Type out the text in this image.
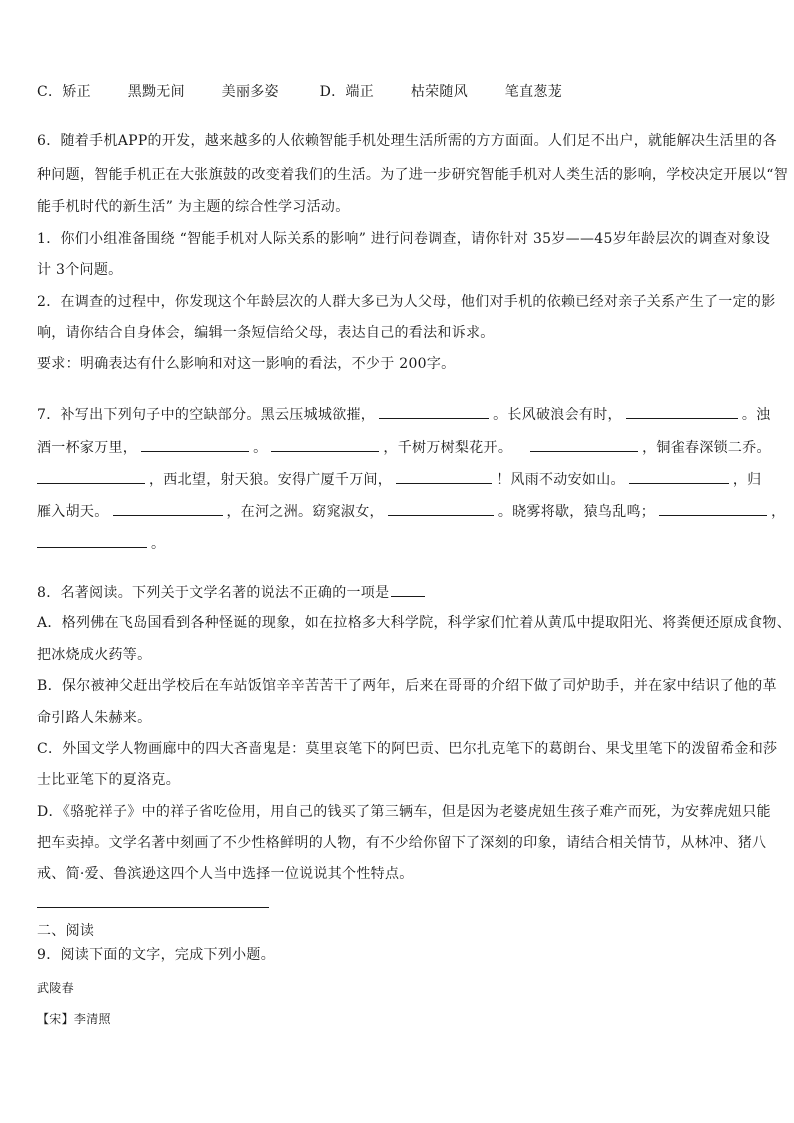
C．矫正	黑黝无间	美丽多姿	D．端正	枯荣随风	笔直葱茏
6．随着手机APP的开发，越来越多的人依赖智能手机处理生活所需的方方面面。人们足不出户，就能解决生活里的各
种问题，智能手机正在大张旗鼓的改变着我们的生活。为了进一步研究智能手机对人类生活的影响，学校决定开展以“智
能手机时代的新生活” 为主题的综合性学习活动。
1．你们小组准备围绕 “智能手机对人际关系的影响” 进行问卷调查，请你针对 35岁——45岁年龄层次的调查对象设
计 3个问题。
2．在调查的过程中，你发现这个年龄层次的人群大多已为人父母，他们对手机的依赖已经对亲子关系产生了一定的影
响，请你结合自身体会，编辑一条短信给父母，表达自己的看法和诉求。
要求：明确表达有什么影响和对这一影响的看法，不少于 200字。
7．补写出下列句子中的空缺部分。黑云压城城欲摧，	。长风破浪会有时，	。浊
酒一杯家万里，	。	，千树万树梨花开。	，铜雀春深锁二乔。
，西北望，射天狼。安得广厦千万间，	！风雨不动安如山。	，归
雁入胡天。	，在河之洲。窈窕淑女，	。晓雾将歇，猿鸟乱鸣；	，
。
8．名著阅读。下列关于文学名著的说法不正确的一项是
A．格列佛在飞岛国看到各种怪诞的现象，如在拉格多大科学院，科学家们忙着从黄瓜中提取阳光、将粪便还原成食物、
把冰烧成火药等。
B．保尔被神父赶出学校后在车站饭馆辛辛苦苦干了两年，后来在哥哥的介绍下做了司炉助手，并在家中结识了他的革
命引路人朱赫来。
C．外国文学人物画廊中的四大吝啬鬼是：莫里哀笔下的阿巴贡、巴尔扎克笔下的葛朗台、果戈里笔下的泼留希金和莎
士比亚笔下的夏洛克。
D．《骆驼祥子》中的祥子省吃俭用，用自己的钱买了第三辆车，但是因为老婆虎妞生孩子难产而死，为安葬虎妞只能
把车卖掉。文学名著中刻画了不少性格鲜明的人物，有不少给你留下了深刻的印象，请结合相关情节，从林冲、猪八
戒、简·爱、鲁滨逊这四个人当中选择一位说说其个性特点。
二、阅读
9．阅读下面的文字，完成下列小题。
武陵春
【宋】李清照
